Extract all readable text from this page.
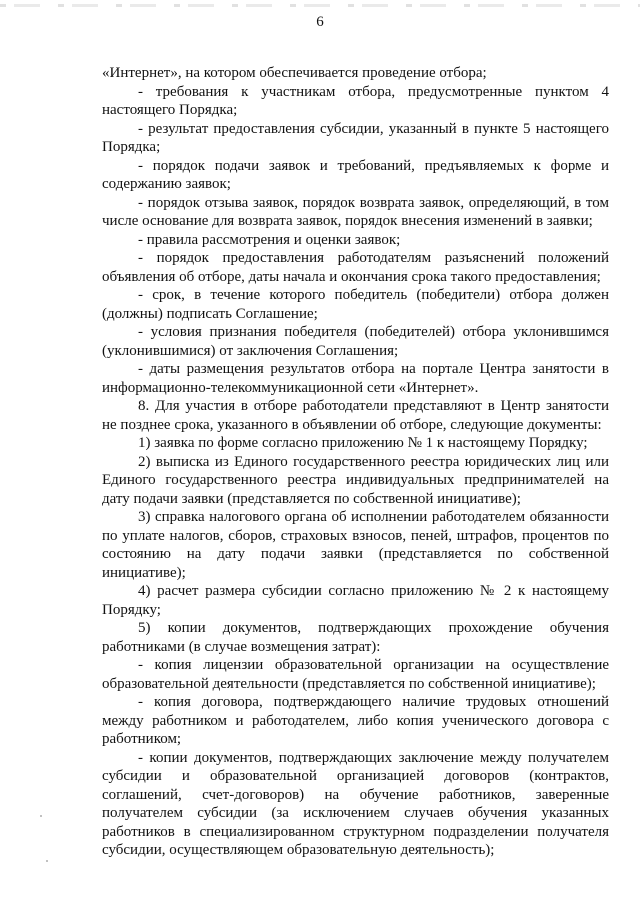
6

«Интернет», на котором обеспечивается проведение отбора;

- требования к участникам отбора, предусмотренные пунктом 4 настоящего Порядка;

- результат предоставления субсидии, указанный в пункте 5 настоящего Порядка;

- порядок подачи заявок и требований, предъявляемых к форме и содержанию заявок;

- порядок отзыва заявок, порядок возврата заявок, определяющий, в том числе основание для возврата заявок, порядок внесения изменений в заявки;

- правила рассмотрения и оценки заявок;

- порядок предоставления работодателям разъяснений положений объявления об отборе, даты начала и окончания срока такого предоставления;

- срок, в течение которого победитель (победители) отбора должен (должны) подписать Соглашение;

- условия признания победителя (победителей) отбора уклонившимся (уклонившимися) от заключения Соглашения;

- даты размещения результатов отбора на портале Центра занятости в информационно-телекоммуникационной сети «Интернет».

8. Для участия в отборе работодатели представляют в Центр занятости не позднее срока, указанного в объявлении об отборе, следующие документы:

1) заявка по форме согласно приложению № 1 к настоящему Порядку;

2) выписка из Единого государственного реестра юридических лиц или Единого государственного реестра индивидуальных предпринимателей на дату подачи заявки (представляется по собственной инициативе);

3) справка налогового органа об исполнении работодателем обязанности по уплате налогов, сборов, страховых взносов, пеней, штрафов, процентов по состоянию на дату подачи заявки (представляется по собственной инициативе);

4) расчет размера субсидии согласно приложению № 2 к настоящему Порядку;

5) копии документов, подтверждающих прохождение обучения работниками (в случае возмещения затрат):

- копия лицензии образовательной организации на осуществление образовательной деятельности (представляется по собственной инициативе);

- копия договора, подтверждающего наличие трудовых отношений между работником и работодателем, либо копия ученического договора с работником;

- копии документов, подтверждающих заключение между получателем субсидии и образовательной организацией договоров (контрактов, соглашений, счет-договоров) на обучение работников, заверенные получателем субсидии (за исключением случаев обучения указанных работников в специализированном структурном подразделении получателя субсидии, осуществляющем образовательную деятельность);
